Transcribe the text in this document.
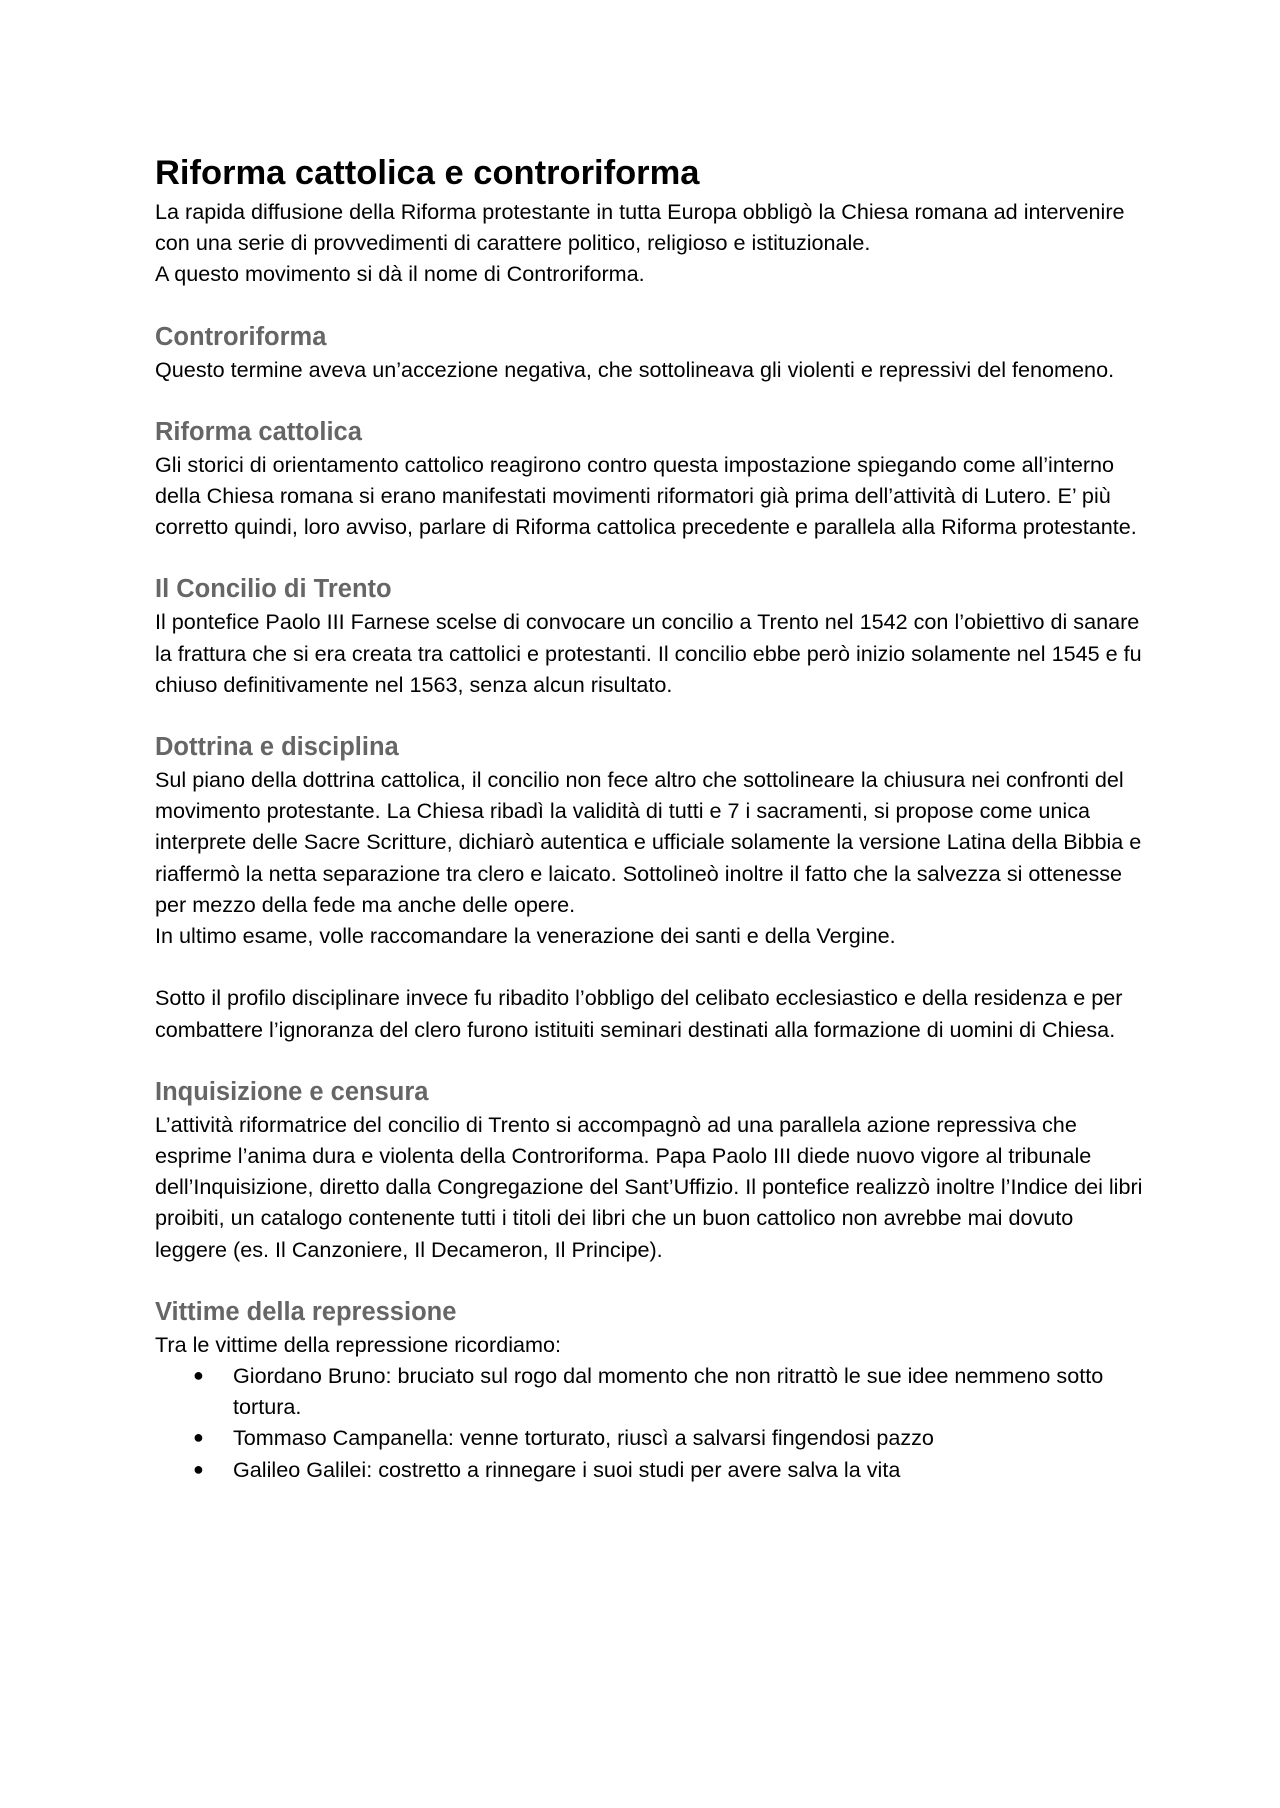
Riforma cattolica e controriforma

La rapida diffusione della Riforma protestante in tutta Europa obbligò la Chiesa romana ad intervenire con una serie di provvedimenti di carattere politico, religioso e istituzionale.

A questo movimento si dà il nome di Controriforma.

Controriforma

Questo termine aveva un’accezione negativa, che sottolineava gli violenti e repressivi del fenomeno.

Riforma cattolica

Gli storici di orientamento cattolico reagirono contro questa impostazione spiegando come all’interno della Chiesa romana si erano manifestati movimenti riformatori già prima dell’attività di Lutero. E’ più corretto quindi, loro avviso, parlare di Riforma cattolica precedente e parallela alla Riforma protestante.

Il Concilio di Trento

Il pontefice Paolo III Farnese scelse di convocare un concilio a Trento nel 1542 con l’obiettivo di sanare la frattura che si era creata tra cattolici e protestanti. Il concilio ebbe però inizio solamente nel 1545 e fu chiuso definitivamente nel 1563, senza alcun risultato.

Dottrina e disciplina

Sul piano della dottrina cattolica, il concilio non fece altro che sottolineare la chiusura nei confronti del movimento protestante. La Chiesa ribadì la validità di tutti e 7 i sacramenti, si propose come unica interprete delle Sacre Scritture, dichiarò autentica e ufficiale solamente la versione Latina della Bibbia e riaffermò la netta separazione tra clero e laicato. Sottolineò inoltre il fatto che la salvezza si ottenesse per mezzo della fede ma anche delle opere.

In ultimo esame, volle raccomandare la venerazione dei santi e della Vergine.

Sotto il profilo disciplinare invece fu ribadito l’obbligo del celibato ecclesiastico e della residenza e per combattere l’ignoranza del clero furono istituiti seminari destinati alla formazione di uomini di Chiesa.

Inquisizione e censura

L’attività riformatrice del concilio di Trento si accompagnò ad una parallela azione repressiva che esprime l’anima dura e violenta della Controriforma. Papa Paolo III diede nuovo vigore al tribunale dell’Inquisizione, diretto dalla Congregazione del Sant’Uffizio. Il pontefice realizzò inoltre l’Indice dei libri proibiti, un catalogo contenente tutti i titoli dei libri che un buon cattolico non avrebbe mai dovuto leggere (es. Il Canzoniere, Il Decameron, Il Principe).

Vittime della repressione

Tra le vittime della repressione ricordiamo:

● Giordano Bruno: bruciato sul rogo dal momento che non ritrattò le sue idee nemmeno sotto tortura.
● Tommaso Campanella: venne torturato, riuscì a salvarsi fingendosi pazzo
● Galileo Galilei: costretto a rinnegare i suoi studi per avere salva la vita
